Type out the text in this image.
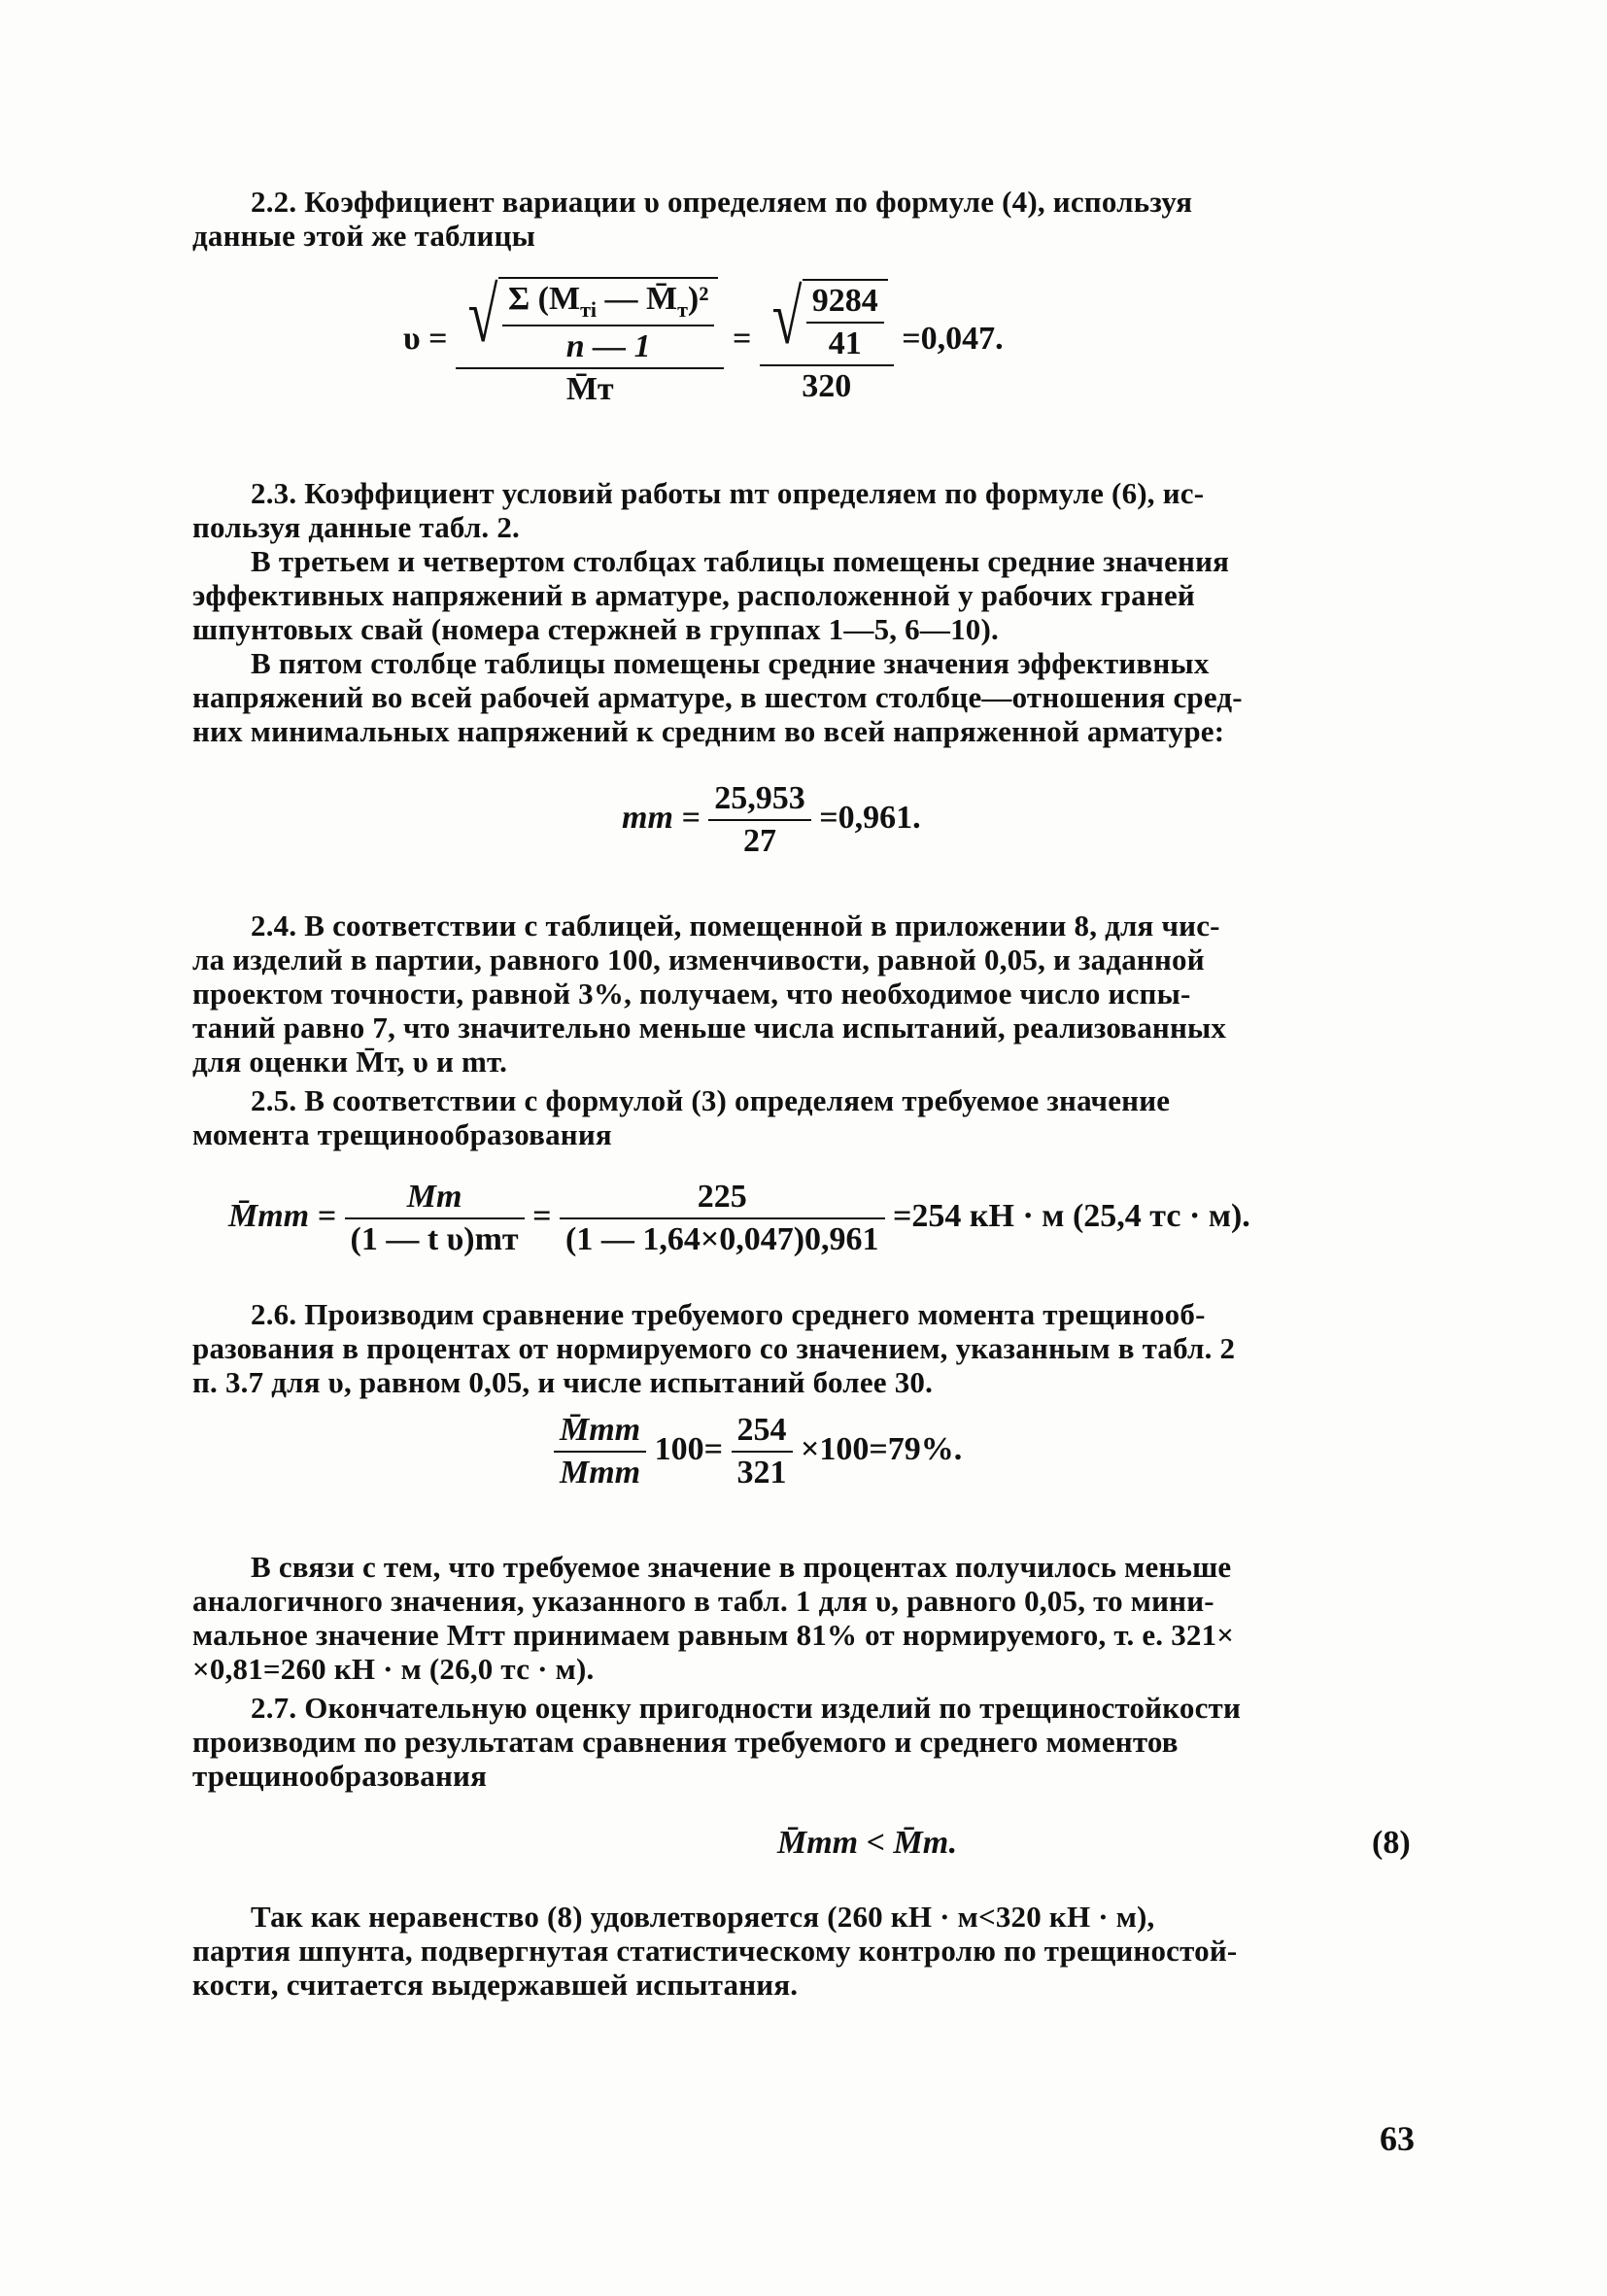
2.2. Коэффициент вариации υ определяем по формуле (4), используя
данные этой же таблицы
υ = √ $\frac{\Sigma (M_{тi} — M̄_т)^2}{n — 1}$
M̄т
= √ $\frac{9284}{41}$
320
=0,047.
2.3. Коэффициент условий работы mт определяем по формуле (6), ис-
пользуя данные табл. 2.
В третьем и четвертом столбцах таблицы помещены средние значения
эффективных напряжений в арматуре, расположенной у рабочих граней
шпунтовых свай (номера стержней в группах 1—5, 6—10).
В пятом столбце таблицы помещены средние значения эффективных
напряжений во всей рабочей арматуре, в шестом столбце—отношения сред-
них минимальных напряжений к средним во всей напряженной арматуре:
mт = $\frac{25,953}{27} =0,961$.
2.4. В соответствии с таблицей, помещенной в приложении 8, для чис-
ла изделий в партии, равного 100, изменчивости, равной 0,05, и заданной
проектом точности, равной 3%, получаем, что необходимое число испы-
таний равно 7, что значительно меньше числа испытаний, реализованных
для оценки M̄т, υ и mт.
2.5. В соответствии с формулой (3) определяем требуемое значение
момента трещинообразования
M̄тт = $\frac{Mт}{\text{(1 — t υ)mт}} = \frac{225}{(1 — 1,64\times 0,047)0,961} =254$ кН · м (25,4 тс · м).
2.6. Производим сравнение требуемого среднего момента трещинооб-
разования в процентах от нормируемого со значением, указанным в табл. 2
п. 3.7 для υ, равном 0,05, и числе испытаний более 30.
$\frac{M̄тт}{\text{Mтт}} 100= \frac{254}{321} \times 100=79\%$.
В связи с тем, что требуемое значение в процентах получилось меньше
аналогичного значения, указанного в табл. 1 для υ, равного 0,05, то мини-
мальное значение Mтт принимаем равным 81% от нормируемого, т. е. 321×
×0,81=260 кН · м (26,0 тс · м).
2.7. Окончательную оценку пригодности изделий по трещиностойкости
производим по результатам сравнения требуемого и среднего моментов
трещинообразования
M̄тт < M̄т.	(8)
Так как неравенство (8) удовлетворяется (260 кН · м<320 кН · м),
партия шпунта, подвергнутая статистическому контролю по трещиностой-
кости, считается выдержавшей испытания.
63
